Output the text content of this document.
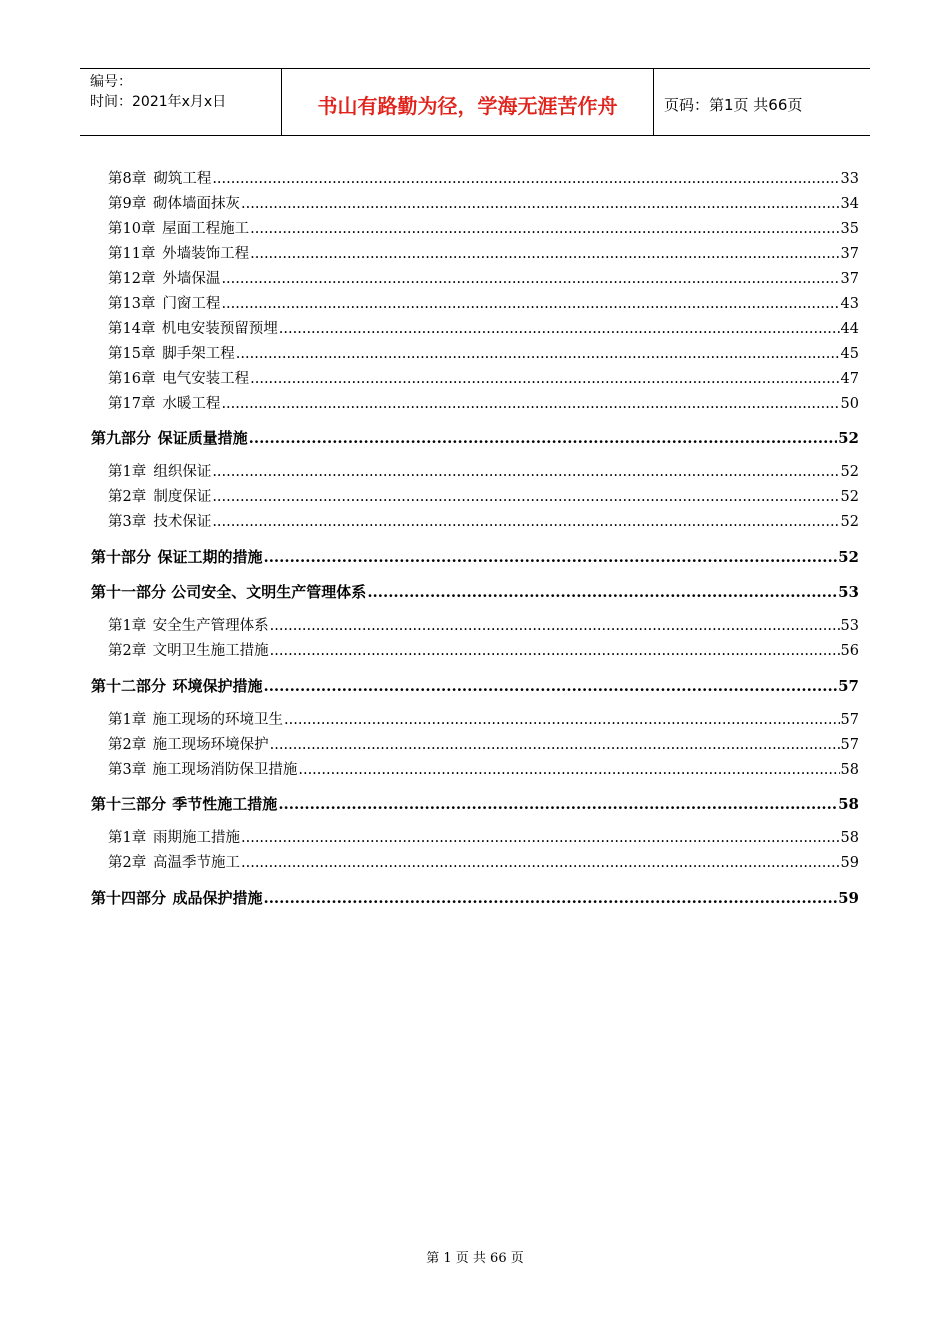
编号：
时间：2021年x月x日	书山有路勤为径，学海无涯苦作舟	页码：第1页 共66页
第8章 砌筑工程 .....	33
第9章 砌体墙面抹灰 .....	34
第10章 屋面工程施工 .....	35
第11章 外墙装饰工程 .....	37
第12章 外墙保温 .....	37
第13章 门窗工程 .....	43
第14章 机电安装预留预埋 .....	44
第15章 脚手架工程 .....	45
第16章 电气安装工程 .....	47
第17章 水暖工程 .....	50
第九部分 保证质量措施 .....	52
第1章 组织保证 .....	52
第2章 制度保证 .....	52
第3章 技术保证 .....	52
第十部分 保证工期的措施 .....	52
第十一部分 公司安全、文明生产管理体系 .....	53
第1章 安全生产管理体系 .....	53
第2章 文明卫生施工措施 .....	56
第十二部分 环境保护措施 .....	57
第1章 施工现场的环境卫生 .....	57
第2章 施工现场环境保护 .....	57
第3章 施工现场消防保卫措施 .....	58
第十三部分 季节性施工措施 .....	58
第1章 雨期施工措施 .....	58
第2章 高温季节施工 .....	59
第十四部分 成品保护措施 .....	59
第 1 页 共 66 页
